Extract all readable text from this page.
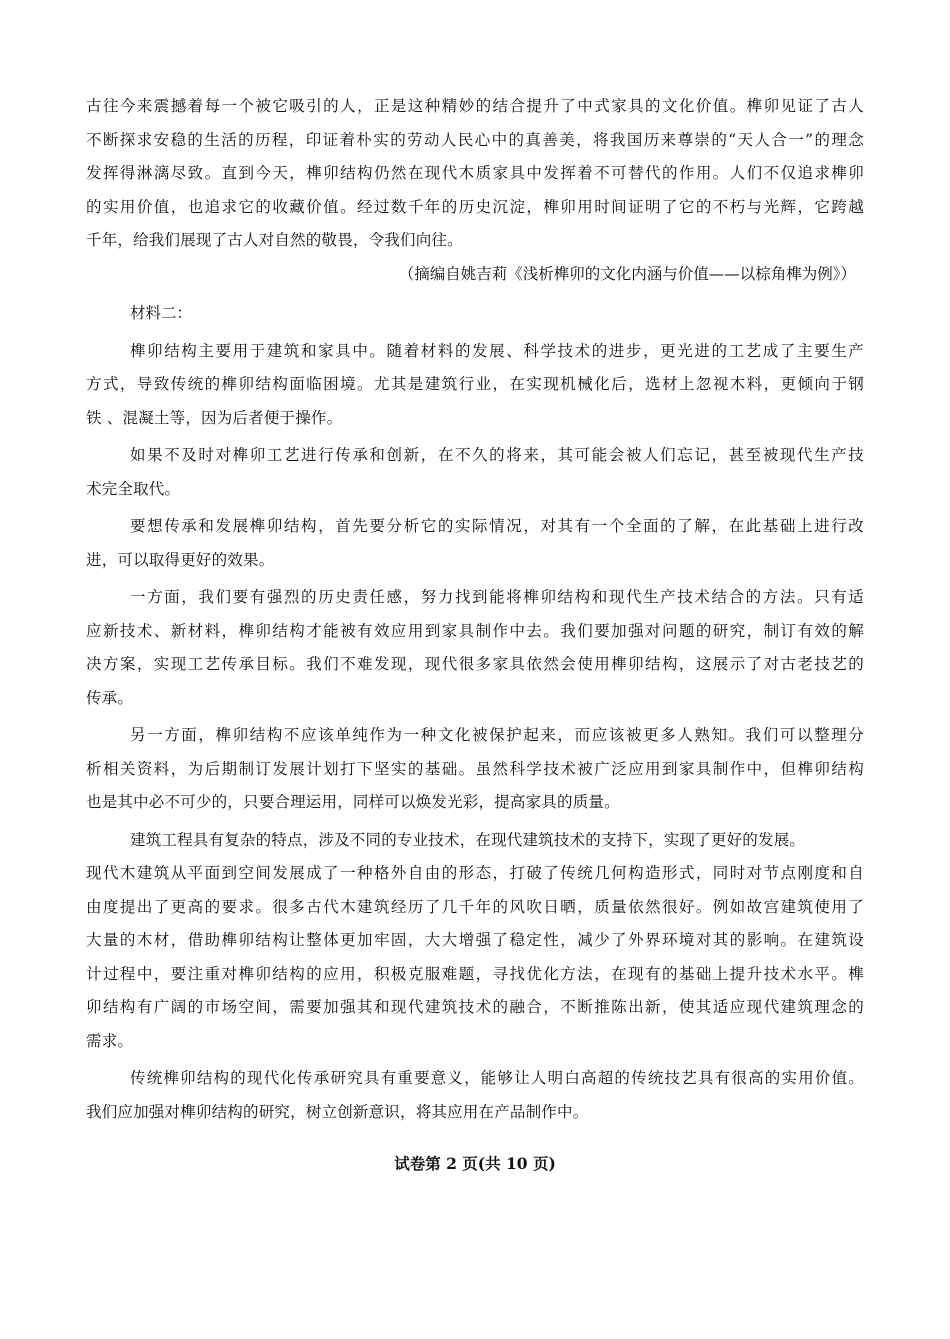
古往今来震撼着每一个被它吸引的人，正是这种精妙的结合提升了中式家具的文化价值。榫卯见证了古人
不断探求安稳的生活的历程，印证着朴实的劳动人民心中的真善美，将我国历来尊崇的“天人合一”的理念
发挥得淋漓尽致。直到今天，榫卯结构仍然在现代木质家具中发挥着不可替代的作用。人们不仅追求榫卯
的实用价值，也追求它的收藏价值。经过数千年的历史沉淀，榫卯用时间证明了它的不朽与光辉，它跨越
千年，给我们展现了古人对自然的敬畏，令我们向往。
（摘编自姚吉莉《浅析榫卯的文化内涵与价值——以棕角榫为例》）
材料二：
榫卯结构主要用于建筑和家具中。随着材料的发展、科学技术的进步，更光进的工艺成了主要生产
方式，导致传统的榫卯结构面临困境。尤其是建筑行业，在实现机械化后，选材上忽视木料，更倾向于钢
铁 、混凝土等，因为后者便于操作。
如果不及时对榫卯工艺进行传承和创新，在不久的将来，其可能会被人们忘记，甚至被现代生产技
术完全取代。
要想传承和发展榫卯结构，首先要分析它的实际情况，对其有一个全面的了解，在此基础上进行改
进，可以取得更好的效果。
一方面，我们要有强烈的历史责任感，努力找到能将榫卯结构和现代生产技术结合的方法。只有适
应新技术、新材料，榫卯结构才能被有效应用到家具制作中去。我们要加强对问题的研究，制订有效的解
决方案，实现工艺传承目标。我们不难发现，现代很多家具依然会使用榫卯结构，这展示了对古老技艺的
传承。
另一方面，榫卯结构不应该单纯作为一种文化被保护起来，而应该被更多人熟知。我们可以整理分
析相关资料，为后期制订发展计划打下坚实的基础。虽然科学技术被广泛应用到家具制作中，但榫卯结构
也是其中必不可少的，只要合理运用，同样可以焕发光彩，提高家具的质量。
建筑工程具有复杂的特点，涉及不同的专业技术，在现代建筑技术的支持下，实现了更好的发展。
现代木建筑从平面到空间发展成了一种格外自由的形态，打破了传统几何构造形式，同时对节点刚度和自
由度提出了更高的要求。很多古代木建筑经历了几千年的风吹日晒，质量依然很好。例如故宫建筑使用了
大量的木材，借助榫卯结构让整体更加牢固，大大增强了稳定性，减少了外界环境对其的影响。在建筑设
计过程中，要注重对榫卯结构的应用，积极克服难题，寻找优化方法，在现有的基础上提升技术水平。榫
卯结构有广阔的市场空间，需要加强其和现代建筑技术的融合，不断推陈出新，使其适应现代建筑理念的
需求。
传统榫卯结构的现代化传承研究具有重要意义，能够让人明白高超的传统技艺具有很高的实用价值。
我们应加强对榫卯结构的研究，树立创新意识，将其应用在产品制作中。
试卷第 2 页(共 10 页)
